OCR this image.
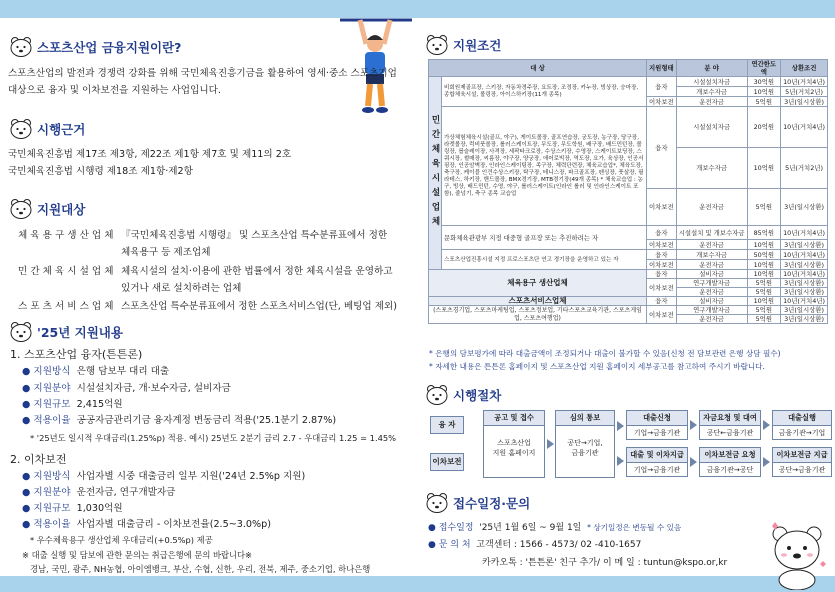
스포츠산업 금융지원이란?
스포츠산업의 발전과 경쟁력 강화를 위해 국민체육진흥기금을 활용하여 영세·중소 스포츠기업
대상으로 융자 및 이차보전을 지원하는 사업입니다.
시행근거
국민체육진흥법 제17조 제3항, 제22조 제1항 제7호 및 제11의 2호
국민체육진흥법 시행령 제18조 제1항·제2항
지원대상
체 육 용 구 생 산 업 체 『국민체육진흥법 시행령』 및 스포츠산업 특수분류표에서 정한
체육용구 등 제조업체
민 간 체 육 시 설 업 체 체육시설의 설치·이용에 관한 법률에서 정한 체육시설을 운영하고
있거나 새로 설치하려는 업체
스 포 츠 서 비 스 업 체 스포츠산업 특수분류표에서 정한 스포츠서비스업(단, 베팅업 제외)
'25년 지원내용
1. 스포츠산업 융자(튼튼론)
● 지원방식 은행 담보부 대리 대출
● 지원분야 시설설치자금, 개·보수자금, 설비자금
● 지원규모 2,415억원
● 적용이율 공공자금관리기금 융자계정 변동금리 적용('25.1분기 2.87%)
* '25년도 일시적 우대금리(1.25%p) 적용. 예시) 25년도 2분기 금리 2.7 - 우대금리 1.25 = 1.45%
2. 이차보전
● 지원방식 사업자별 시중 대출금리 일부 지원('24년 2.5%p 지원)
● 지원분야 운전자금, 연구개발자금
● 지원규모 1,030억원
● 적용이율 사업자별 대출금리 - 이차보전율(2.5~3.0%p)
* 우수체육용구 생산업체 우대금리(+0.5%p) 제공
※ 대출 실행 및 담보에 관한 문의는 취급은행에 문의 바랍니다※
경남, 국민, 광주, NH농협, 아이엠뱅크, 부산, 수협, 신한, 우리, 전북, 제주, 중소기업, 하나은행
지원조건
대 상		지원형태	분 야	연간한도액	상환조건
민간체육시설업체	비회원제골프장, 스키장, 자동차경주장, 요트장, 조정장, 카누장, 빙상장, 승마장, 종합체육시설, 볼링장, 아이스하키장(11개 종목)	융자	시설설치자금	30억원	10년(거치4년)
			개보수자금	10억원	5년(거치2년)
		이차보전	운전자금	5억원	3년(일시상환)
	가상체험체육시설(골프, 야구), 게이트볼장, 골프연습장, 궁도장, 농구장, 당구장, 라켓볼장, 럭비풋볼장, 롤러스케이트장, 무도장, 무도학원, 배구장, 배드민턴장, 볼링장, 봅슬레이장, 사격장, 세팍타크로장, 수상스키장, 수영장, 스케이트보딩장, 스쿼시장, 썰매장, 씨름장, 야구장, 양궁장, 에어로빅장, 역도장, 요가, 육상장, 인공서핑장, 인공암벽장, 인라인스케이팅장, 족구장, 체력단련장, 체육교습업*, 체육도장, 축구장, 케이블 인견수상스키장, 탁구장, 테니스장, 파크골프장, 펜싱장, 풋살장, 필라테스, 하키장, 핸드볼장, BMX경기장, MTB경기장(49개 종목) * 체육교습업 : 농구, 빙상, 배드민턴, 수영, 야구, 롤러스케이트(인라인 롤러 및 인라인스케이트 포함), 줄넘기, 축구 종목 교습업	융자	시설설치자금	20억원	10년(거치4년)
			개보수자금	10억원	5년(거치2년)
		이차보전	운전자금	5억원	3년(일시상환)
	문화체육관광부 지정 대중형 골프장 또는 추진하려는 자	융자	시설설치 및 개보수자금	85억원	10년(거치4년)
		이차보전	운전자금	10억원	3년(일시상환)
	스포츠산업진흥시설 지정 프로스포츠단 연고 경기장을 운영하고 있는 자	융자	개보수자금	50억원	10년(거치4년)
		이차보전	운전자금	10억원	3년(일시상환)
체육용구 생산업체		융자	설비자금	10억원	10년(거치4년)
		이차보전	연구개발자금	5억원	3년(일시상환)
			운전자금	5억원	3년(일시상환)
스포츠서비스업체		융자	설비자금	10억원	10년(거치4년)
(스포츠경기업, 스포츠마케팅업, 스포츠정보업, 기타스포츠교육기관, 스포츠게임업, 스포츠여행업)		이차보전	연구개발자금	5억원	3년(일시상환)
			운전자금	5억원	3년(일시상환)
* 은행의 담보평가에 따라 대출금액이 조정되거나 대출이 불가할 수 있음(신청 전 담보관련 은행 상담 필수)
* 자세한 내용은 튼튼론 홈페이지 및 스포츠산업 지원 홈페이지 세부공고를 참고하여 주시기 바랍니다.
시행절차
융 자
이차보전
공고 및 접수
스포츠산업
지원 홈페이지
심의 통보
공단→기업,
금융기관
대출신청
기업→금융기관
자금요청 및 대여
공단←금융기관
대출실행
금융기관→기업
대출 및 이차지급
기업→금융기관
이차보전금 요청
금융기관→공단
이차보전금 지급
공단→금융기관
접수일정·문의
● 접수일정 '25년 1월 6일 ~ 9월 1일 * 상기일정은 변동될 수 있음
● 문 의 처 고객센터 : 1566 - 4573/ 02 -410-1657
카카오톡 : '튼튼론' 친구 추가/ 이 메 일 : tuntun@kspo.or,kr
